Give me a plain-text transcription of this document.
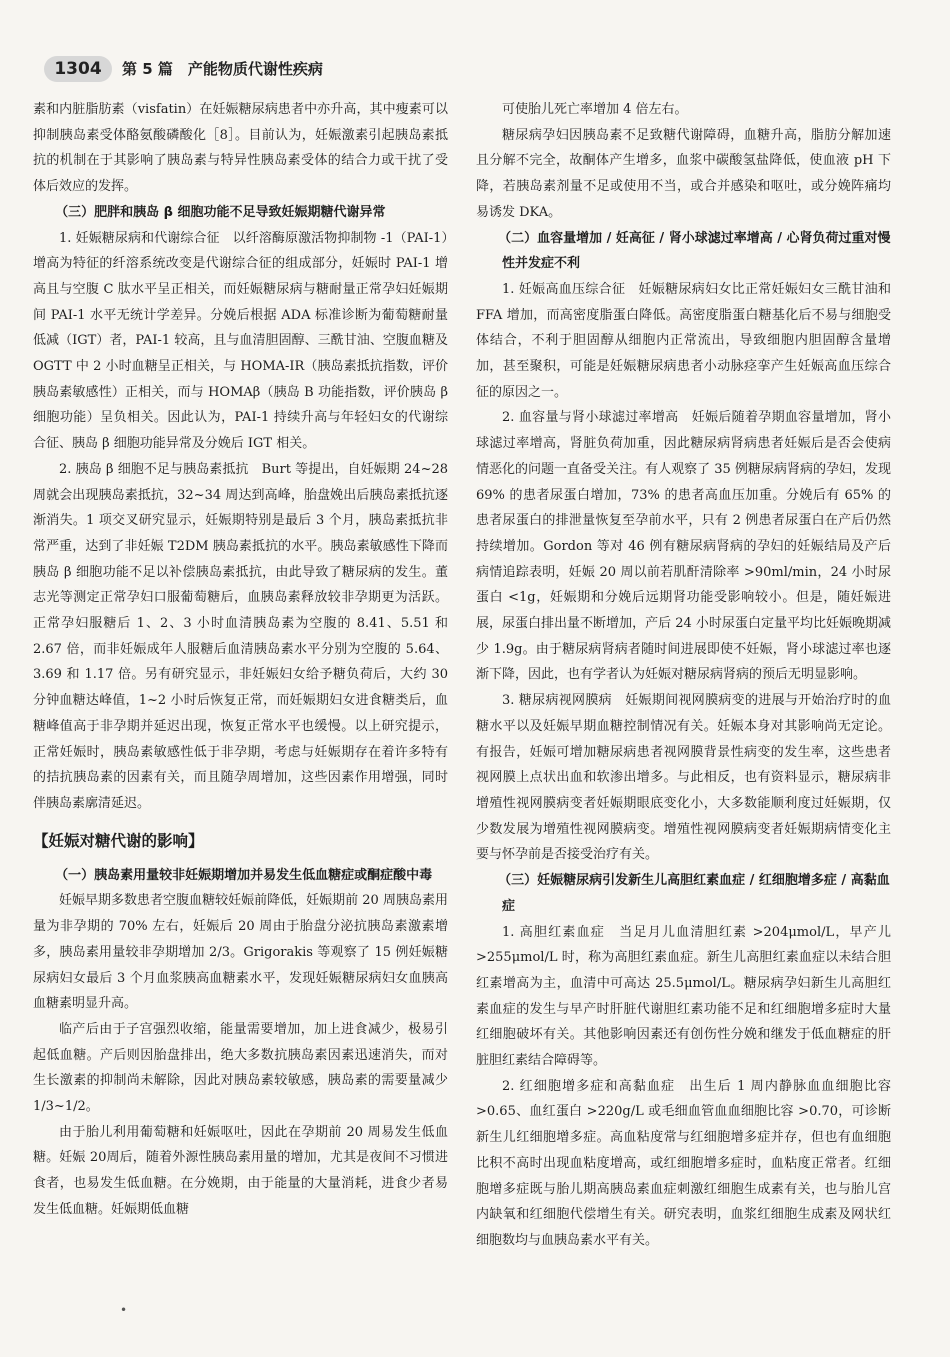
1304	第 5 篇　产能物质代谢性疾病

素和内脏脂肪素（visfatin）在妊娠糖尿病患者中亦升高，其中瘦素可以抑制胰岛素受体酪氨酸磷酸化［8］。目前认为，妊娠激素引起胰岛素抵抗的机制在于其影响了胰岛素与特异性胰岛素受体的结合力或干扰了受体后效应的发挥。

（三）肥胖和胰岛 β 细胞功能不足导致妊娠期糖代谢异常

1. 妊娠糖尿病和代谢综合征　以纤溶酶原激活物抑制物 -1（PAI-1）增高为特征的纤溶系统改变是代谢综合征的组成部分，妊娠时 PAI-1 增高且与空腹 C 肽水平呈正相关，而妊娠糖尿病与糖耐量正常孕妇妊娠期间 PAI-1 水平无统计学差异。分娩后根据 ADA 标准诊断为葡萄糖耐量低减（IGT）者，PAI-1 较高，且与血清胆固醇、三酰甘油、空腹血糖及 OGTT 中 2 小时血糖呈正相关，与 HOMA-IR（胰岛素抵抗指数，评价胰岛素敏感性）正相关，而与 HOMAβ（胰岛 B 功能指数，评价胰岛 β 细胞功能）呈负相关。因此认为，PAI-1 持续升高与年轻妇女的代谢综合征、胰岛 β 细胞功能异常及分娩后 IGT 相关。

2. 胰岛 β 细胞不足与胰岛素抵抗　Burt 等提出，自妊娠期 24~28 周就会出现胰岛素抵抗，32~34 周达到高峰，胎盘娩出后胰岛素抵抗逐渐消失。1 项交叉研究显示，妊娠期特别是最后 3 个月，胰岛素抵抗非常严重，达到了非妊娠 T2DM 胰岛素抵抗的水平。胰岛素敏感性下降而胰岛 β 细胞功能不足以补偿胰岛素抵抗，由此导致了糖尿病的发生。董志光等测定正常孕妇口服葡萄糖后，血胰岛素释放较非孕期更为活跃。正常孕妇服糖后 1、2、3 小时血清胰岛素为空腹的 8.41、5.51 和 2.67 倍，而非妊娠成年人服糖后血清胰岛素水平分别为空腹的 5.64、3.69 和 1.17 倍。另有研究显示，非妊娠妇女给予糖负荷后，大约 30 分钟血糖达峰值，1~2 小时后恢复正常，而妊娠期妇女进食糖类后，血糖峰值高于非孕期并延迟出现，恢复正常水平也缓慢。以上研究提示，正常妊娠时，胰岛素敏感性低于非孕期，考虑与妊娠期存在着许多特有的拮抗胰岛素的因素有关，而且随孕周增加，这些因素作用增强，同时伴胰岛素廓清延迟。

【妊娠对糖代谢的影响】
（一）胰岛素用量较非妊娠期增加并易发生低血糖症或酮症酸中毒

妊娠早期多数患者空腹血糖较妊娠前降低，妊娠期前 20 周胰岛素用量为非孕期的 70% 左右，妊娠后 20 周由于胎盘分泌抗胰岛素激素增多，胰岛素用量较非孕期增加 2/3。Grigorakis 等观察了 15 例妊娠糖尿病妇女最后 3 个月血浆胰高血糖素水平，发现妊娠糖尿病妇女血胰高血糖素明显升高。

临产后由于子宫强烈收缩，能量需要增加，加上进食减少，极易引起低血糖。产后则因胎盘排出，绝大多数抗胰岛素因素迅速消失，而对生长激素的抑制尚未解除，因此对胰岛素较敏感，胰岛素的需要量减少 1/3~1/2。

由于胎儿利用葡萄糖和妊娠呕吐，因此在孕期前 20 周易发生低血糖。妊娠 20周后，随着外源性胰岛素用量的增加，尤其是夜间不习惯进食者，也易发生低血糖。在分娩期，由于能量的大量消耗，进食少者易发生低血糖。妊娠期低血糖

可使胎儿死亡率增加 4 倍左右。

糖尿病孕妇因胰岛素不足致糖代谢障碍，血糖升高，脂肪分解加速且分解不完全，故酮体产生增多，血浆中碳酸氢盐降低，使血液 pH 下降，若胰岛素剂量不足或使用不当，或合并感染和呕吐，或分娩阵痛均易诱发 DKA。

（二）血容量增加 / 妊高征 / 肾小球滤过率增高 / 心肾负荷过重对慢性并发症不利

1. 妊娠高血压综合征　妊娠糖尿病妇女比正常妊娠妇女三酰甘油和 FFA 增加，而高密度脂蛋白降低。高密度脂蛋白糖基化后不易与细胞受体结合，不利于胆固醇从细胞内正常流出，导致细胞内胆固醇含量增加，甚至聚积，可能是妊娠糖尿病患者小动脉痉挛产生妊娠高血压综合征的原因之一。

2. 血容量与肾小球滤过率增高　妊娠后随着孕期血容量增加，肾小球滤过率增高，肾脏负荷加重，因此糖尿病肾病患者妊娠后是否会使病情恶化的问题一直备受关注。有人观察了 35 例糖尿病肾病的孕妇，发现 69% 的患者尿蛋白增加，73% 的患者高血压加重。分娩后有 65% 的患者尿蛋白的排泄量恢复至孕前水平，只有 2 例患者尿蛋白在产后仍然持续增加。Gordon 等对 46 例有糖尿病肾病的孕妇的妊娠结局及产后病情追踪表明，妊娠 20 周以前若肌酐清除率 >90ml/min，24 小时尿蛋白 <1g，妊娠期和分娩后远期肾功能受影响较小。但是，随妊娠进展，尿蛋白排出量不断增加，产后 24 小时尿蛋白定量平均比妊娠晚期减少 1.9g。由于糖尿病肾病者随时间进展即使不妊娠，肾小球滤过率也逐渐下降，因此，也有学者认为妊娠对糖尿病肾病的预后无明显影响。

3. 糖尿病视网膜病　妊娠期间视网膜病变的进展与开始治疗时的血糖水平以及妊娠早期血糖控制情况有关。妊娠本身对其影响尚无定论。有报告，妊娠可增加糖尿病患者视网膜背景性病变的发生率，这些患者视网膜上点状出血和软渗出增多。与此相反，也有资料显示，糖尿病非增殖性视网膜病变者妊娠期眼底变化小，大多数能顺利度过妊娠期，仅少数发展为增殖性视网膜病变。增殖性视网膜病变者妊娠期病情变化主要与怀孕前是否接受治疗有关。

（三）妊娠糖尿病引发新生儿高胆红素血症 / 红细胞增多症 / 高黏血症

1. 高胆红素血症　当足月儿血清胆红素 >204μmol/L，早产儿 >255μmol/L 时，称为高胆红素血症。新生儿高胆红素血症以未结合胆红素增高为主，血清中可高达 25.5μmol/L。糖尿病孕妇新生儿高胆红素血症的发生与早产时肝脏代谢胆红素功能不足和红细胞增多症时大量红细胞破坏有关。其他影响因素还有创伤性分娩和继发于低血糖症的肝脏胆红素结合障碍等。

2. 红细胞增多症和高黏血症　出生后 1 周内静脉血血细胞比容 >0.65、血红蛋白 >220g/L 或毛细血管血血细胞比容 >0.70，可诊断新生儿红细胞增多症。高血粘度常与红细胞增多症并存，但也有血细胞比积不高时出现血粘度增高，或红细胞增多症时，血粘度正常者。红细胞增多症既与胎儿期高胰岛素血症刺激红细胞生成素有关，也与胎儿宫内缺氧和红细胞代偿增生有关。研究表明，血浆红细胞生成素及网状红细胞数均与血胰岛素水平有关。

•
